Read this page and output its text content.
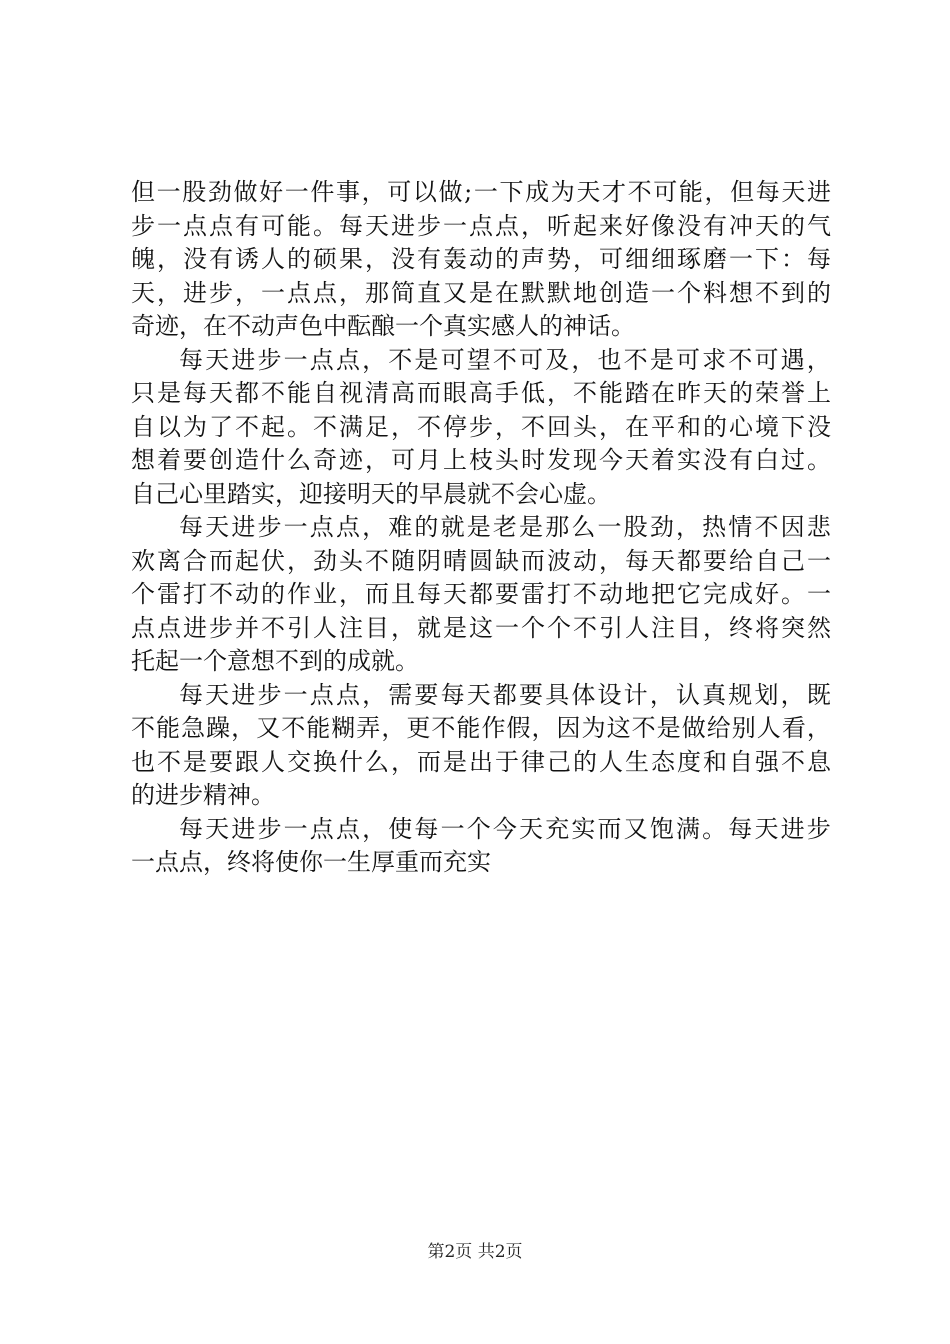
但 一 股 劲 做 好 一 件 事 ， 可 以 做 ; 一 下 成 为 天 才 不 可 能 ， 但 每 天 进
步 一 点 点 有 可 能 。 每 天 进 步 一 点 点 ， 听 起 来 好 像 没 有 冲 天 的 气
魄 ， 没 有 诱 人 的 硕 果 ， 没 有 轰 动 的 声 势 ， 可 细 细 琢 磨 一 下 ： 每
天 ， 进 步 ， 一 点 点 ， 那 简 直 又 是 在 默 默 地 创 造 一 个 料 想 不 到 的
奇迹，在不动声色中酝酿一个真实感人的神话。
每 天 进 步 一 点 点 ， 不 是 可 望 不 可 及 ， 也 不 是 可 求 不 可 遇 ，
只 是 每 天 都 不 能 自 视 清 高 而 眼 高 手 低 ， 不 能 踏 在 昨 天 的 荣 誉 上
自 以 为 了 不 起 。 不 满 足 ， 不 停 步 ， 不 回 头 ， 在 平 和 的 心 境 下 没
想 着 要 创 造 什 么 奇 迹 ， 可 月 上 枝 头 时 发 现 今 天 着 实 没 有 白 过 。
自己心里踏实，迎接明天的早晨就不会心虚。
每 天 进 步 一 点 点 ， 难 的 就 是 老 是 那 么 一 股 劲 ， 热 情 不 因 悲
欢 离 合 而 起 伏 ， 劲 头 不 随 阴 晴 圆 缺 而 波 动 ， 每 天 都 要 给 自 己 一
个 雷 打 不 动 的 作 业 ， 而 且 每 天 都 要 雷 打 不 动 地 把 它 完 成 好 。 一
点 点 进 步 并 不 引 人 注 目 ， 就 是 这 一 个 个 不 引 人 注 目 ， 终 将 突 然
托起一个意想不到的成就。
每 天 进 步 一 点 点 ， 需 要 每 天 都 要 具 体 设 计 ， 认 真 规 划 ， 既
不 能 急 躁 ， 又 不 能 糊 弄 ， 更 不 能 作 假 ， 因 为 这 不 是 做 给 别 人 看 ，
也 不 是 要 跟 人 交 换 什 么 ， 而 是 出 于 律 己 的 人 生 态 度 和 自 强 不 息
的进步精神。
每 天 进 步 一 点 点 ， 使 每 一 个 今 天 充 实 而 又 饱 满 。 每 天 进 步
一点点，终将使你一生厚重而充实
第2页 共2页
